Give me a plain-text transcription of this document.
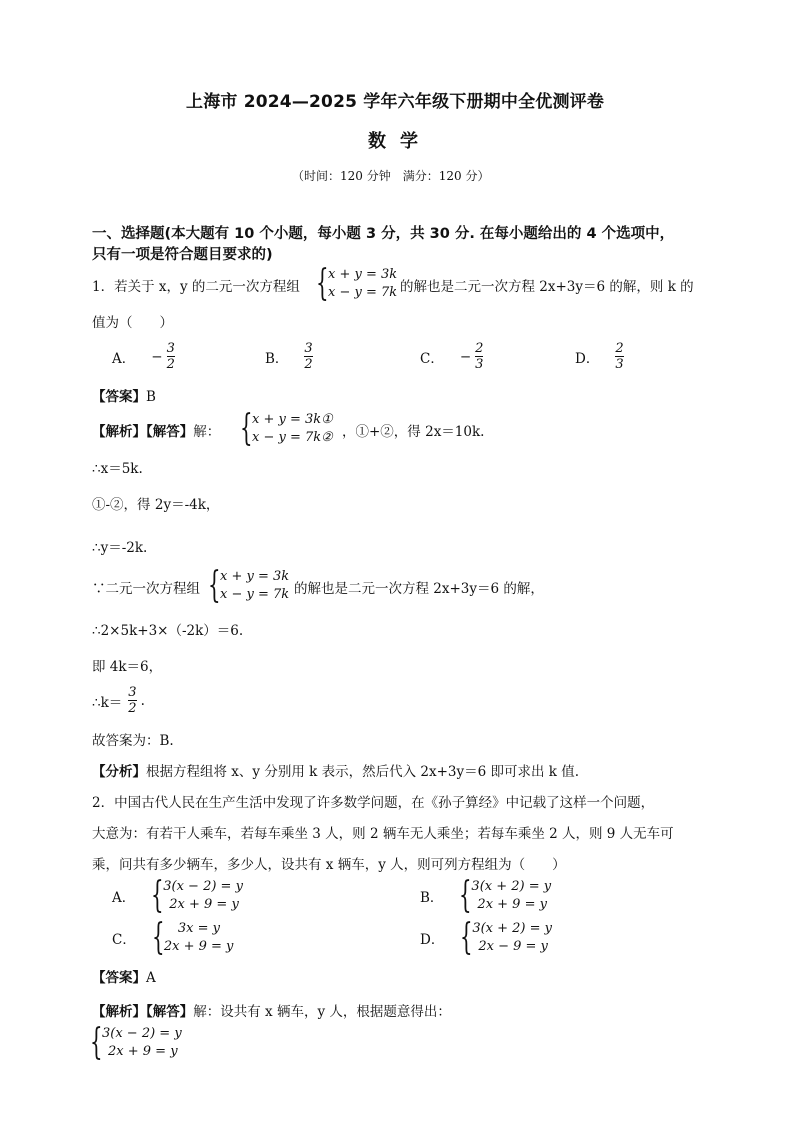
上海市 2024—2025 学年六年级下册期中全优测评卷
数学
（时间：120 分钟　满分：120 分）
一、选择题(本大题有 10 个小题，每小题 3 分，共 30 分. 在每小题给出的 4 个选项中，
只有一项是符合题目要求的)
1．若关于 x，y 的二元一次方程组 { x + y = 3k
x − y = 7k 的解也是二元一次方程 2x+3y＝6 的解，则 k 的
值为（　　）
A． − $\frac{3}{2}$	B． $\frac{3}{2}$	C． − $\frac{2}{3}$	D． $\frac{2}{3}$
【答案】B
【解析】【解答】解： { x + y = 3k①
x − y = 7k② ，①+②，得 2x＝10k.
∴x＝5k.
①-②，得 2y＝-4k，
∴y＝-2k.
∵二元一次方程组 { x + y = 3k
x − y = 7k 的解也是二元一次方程 2x+3y＝6 的解，
∴2×5k+3×（-2k）＝6.
即 4k＝6，
∴k＝ $\frac{3}{2}$ .
故答案为：B.
【分析】根据方程组将 x、y 分别用 k 表示，然后代入 2x+3y＝6 即可求出 k 值.
2．中国古代人民在生产生活中发现了许多数学问题，在《孙子算经》中记载了这样一个问题，
大意为：有若干人乘车，若每车乘坐 3 人，则 2 辆车无人乘坐；若每车乘坐 2 人，则 9 人无车可
乘，问共有多少辆车，多少人，设共有 x 辆车，y 人，则可列方程组为（　　）
A． { 3(x − 2) = y
2x + 9 = y	B． { 3(x + 2) = y
2x + 9 = y
C． {	3x = y
2x + 9 = y	D． { 3(x + 2) = y
2x − 9 = y
【答案】A
【解析】【解答】解：设共有 x 辆车，y 人，根据题意得出：
{ 3(x − 2) = y
2x + 9 = y
